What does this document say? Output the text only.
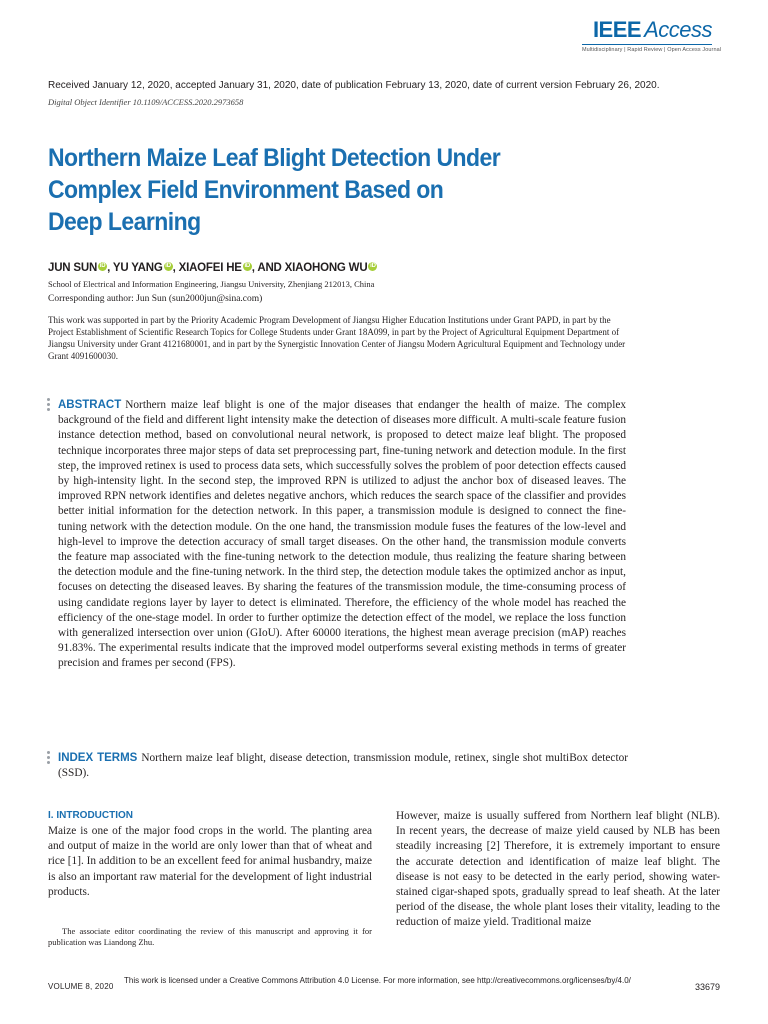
IEEE Access
Multidisciplinary | Rapid Review | Open Access Journal
Received January 12, 2020, accepted January 31, 2020, date of publication February 13, 2020, date of current version February 26, 2020.
Digital Object Identifier 10.1109/ACCESS.2020.2973658
Northern Maize Leaf Blight Detection Under
Complex Field Environment Based on
Deep Learning
JUN SUN iD , YU YANG iD , XIAOFEI HE iD , AND XIAOHONG WU iD
School of Electrical and Information Engineering, Jiangsu University, Zhenjiang 212013, China
Corresponding author: Jun Sun (sun2000jun@sina.com)
This work was supported in part by the Priority Academic Program Development of Jiangsu Higher Education Institutions under Grant PAPD, in part by the Project Establishment of Scientific Research Topics for College Students under Grant 18A099, in part by the Project of Agricultural Equipment Department of Jiangsu University under Grant 4121680001, and in part by the Synergistic Innovation Center of Jiangsu Modern Agricultural Equipment and Technology under Grant 4091600030.
ABSTRACT Northern maize leaf blight is one of the major diseases that endanger the health of maize. The complex background of the field and different light intensity make the detection of diseases more difficult. A multi-scale feature fusion instance detection method, based on convolutional neural network, is proposed to detect maize leaf blight. The proposed technique incorporates three major steps of data set preprocessing part, fine-tuning network and detection module. In the first step, the improved retinex is used to process data sets, which successfully solves the problem of poor detection effects caused by high-intensity light. In the second step, the improved RPN is utilized to adjust the anchor box of diseased leaves. The improved RPN network identifies and deletes negative anchors, which reduces the search space of the classifier and provides better initial information for the detection network. In this paper, a transmission module is designed to connect the fine-tuning network with the detection module. On the one hand, the transmission module fuses the features of the low-level and high-level to improve the detection accuracy of small target diseases. On the other hand, the transmission module converts the feature map associated with the fine-tuning network to the detection module, thus realizing the feature sharing between the detection module and the fine-tuning network. In the third step, the detection module takes the optimized anchor as input, focuses on detecting the diseased leaves. By sharing the features of the transmission module, the time-consuming process of using candidate regions layer by layer to detect is eliminated. Therefore, the efficiency of the whole model has reached the efficiency of the one-stage model. In order to further optimize the detection effect of the model, we replace the loss function with generalized intersection over union (GIoU). After 60000 iterations, the highest mean average precision (mAP) reaches 91.83%. The experimental results indicate that the improved model outperforms several existing methods in terms of greater precision and frames per second (FPS).
INDEX TERMS Northern maize leaf blight, disease detection, transmission module, retinex, single shot multiBox detector (SSD).
I. INTRODUCTION
Maize is one of the major food crops in the world. The planting area and output of maize in the world are only lower than that of wheat and rice [1]. In addition to be an excellent feed for animal husbandry, maize is also an important raw material for the development of light industrial products.
However, maize is usually suffered from Northern leaf blight (NLB). In recent years, the decrease of maize yield caused by NLB has been steadily increasing [2] Therefore, it is extremely important to ensure the accurate detection and identification of maize leaf blight. The disease is not easy to be detected in the early period, showing water-stained cigar-shaped spots, gradually spread to leaf sheath. At the later period of the disease, the whole plant loses their vitality, leading to the reduction of maize yield. Traditional maize
The associate editor coordinating the review of this manuscript and approving it for publication was Liandong Zhu.
VOLUME 8, 2020
This work is licensed under a Creative Commons Attribution 4.0 License. For more information, see http://creativecommons.org/licenses/by/4.0/
33679
